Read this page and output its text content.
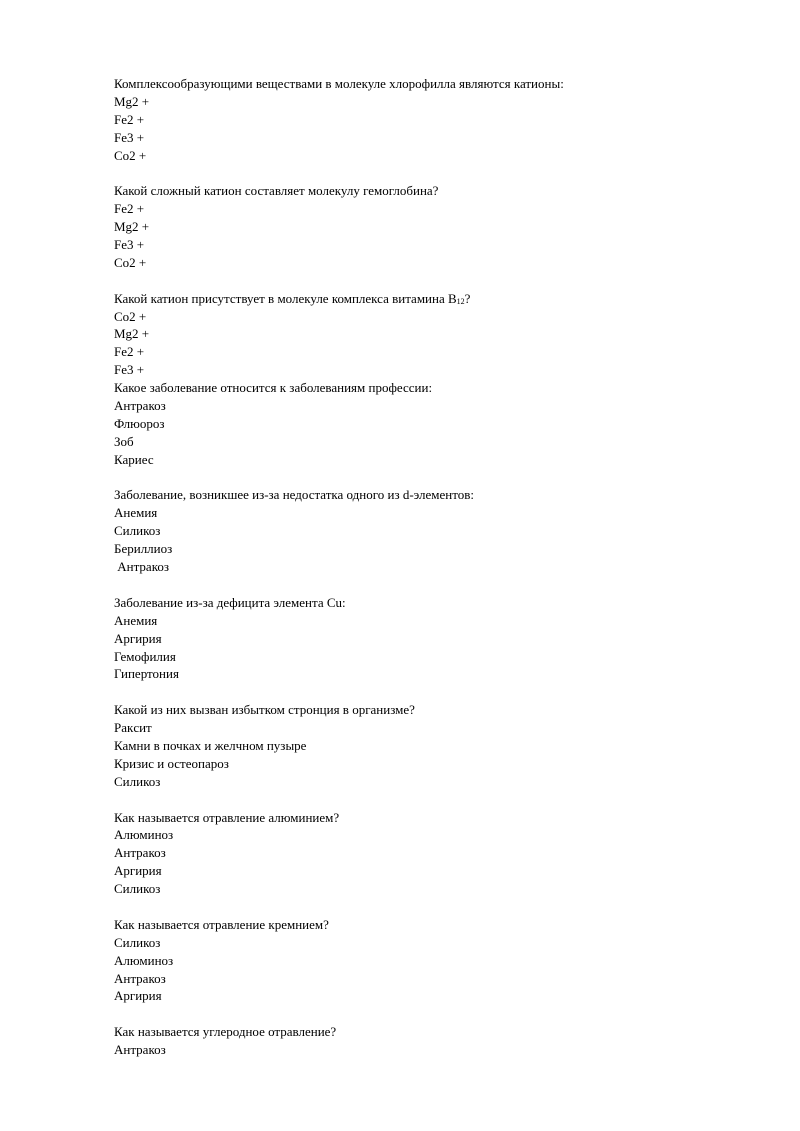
Комплексообразующими веществами в молекуле хлорофилла являются катионы:
Mg2 +
Fe2 +
Fe3 +
Co2 +
Какой сложный катион составляет молекулу гемоглобина?
Fe2 +
Mg2 +
Fe3 +
Co2 +
Какой катион присутствует в молекуле комплекса витамина $B_{12}$?
Co2 +
Mg2 +
Fe2 +
Fe3 +
Какое заболевание относится к заболеваниям профессии:
Антракоз
Флюороз
Зоб
Кариес
Заболевание, возникшее из-за недостатка одного из d-элементов:
Анемия
Силикоз
Бериллиоз
Антракоз
Заболевание из-за дефицита элемента Cu:
Анемия
Аргирия
Гемофилия
Гипертония
Какой из них вызван избытком стронция в организме?
Ракcит
Камни в почках и желчном пузыре
Кризис и остеопароз
Силикоз
Как называется отравление алюминием?
Алюминоз
Антракоз
Аргирия
Силикоз
Как называется отравление кремнием?
Силикоз
Алюминоз
Антракоз
Аргирия
Как называется углеродное отравление?
Антракоз
